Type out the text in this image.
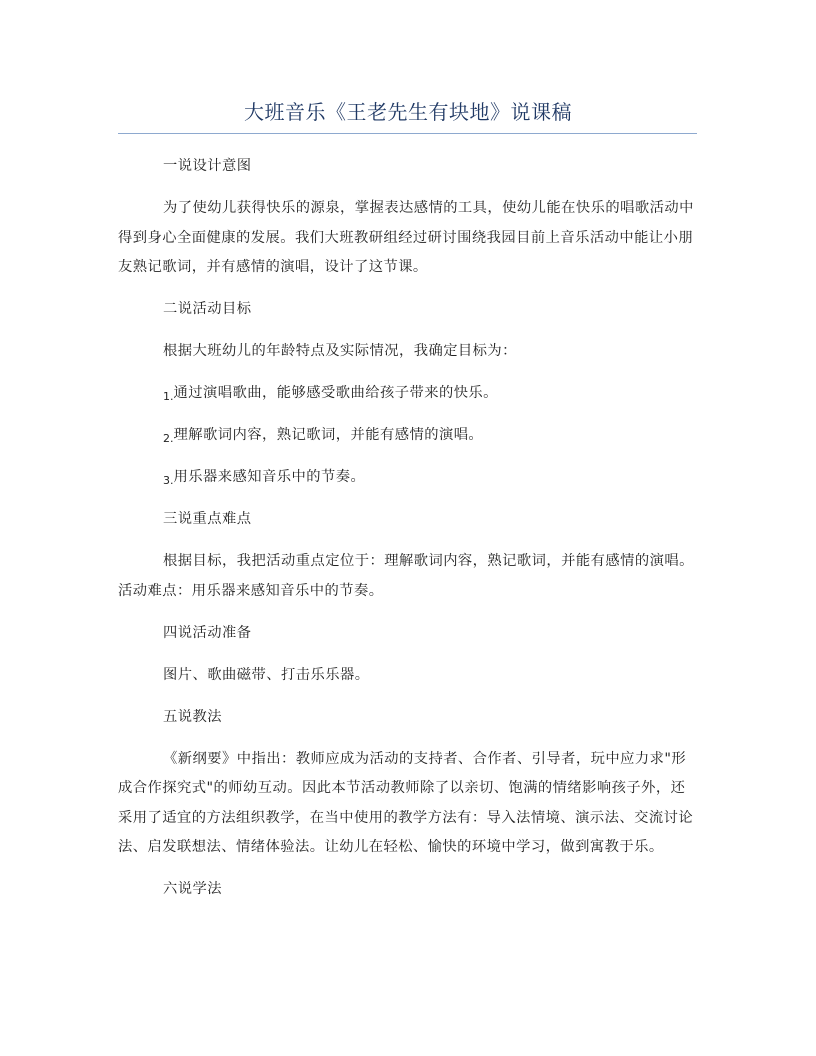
大班音乐《王老先生有块地》说课稿

一说设计意图

为了使幼儿获得快乐的源泉，掌握表达感情的工具，使幼儿能在快乐的唱歌活动中得到身心全面健康的发展。我们大班教研组经过研讨围绕我园目前上音乐活动中能让小朋友熟记歌词，并有感情的演唱，设计了这节课。

二说活动目标

根据大班幼儿的年龄特点及实际情况，我确定目标为：

$_{1.}$通过演唱歌曲，能够感受歌曲给孩子带来的快乐。

$_{2.}$理解歌词内容，熟记歌词，并能有感情的演唱。

$_{3.}$用乐器来感知音乐中的节奏。

三说重点难点

根据目标，我把活动重点定位于：理解歌词内容，熟记歌词，并能有感情的演唱。活动难点：用乐器来感知音乐中的节奏。

四说活动准备

图片、歌曲磁带、打击乐乐器。

五说教法

《新纲要》中指出：教师应成为活动的支持者、合作者、引导者，玩中应力求"形成合作探究式"的师幼互动。因此本节活动教师除了以亲切、饱满的情绪影响孩子外，还采用了适宜的方法组织教学，在当中使用的教学方法有：导入法情境、演示法、交流讨论法、启发联想法、情绪体验法。让幼儿在轻松、愉快的环境中学习，做到寓教于乐。

六说学法
